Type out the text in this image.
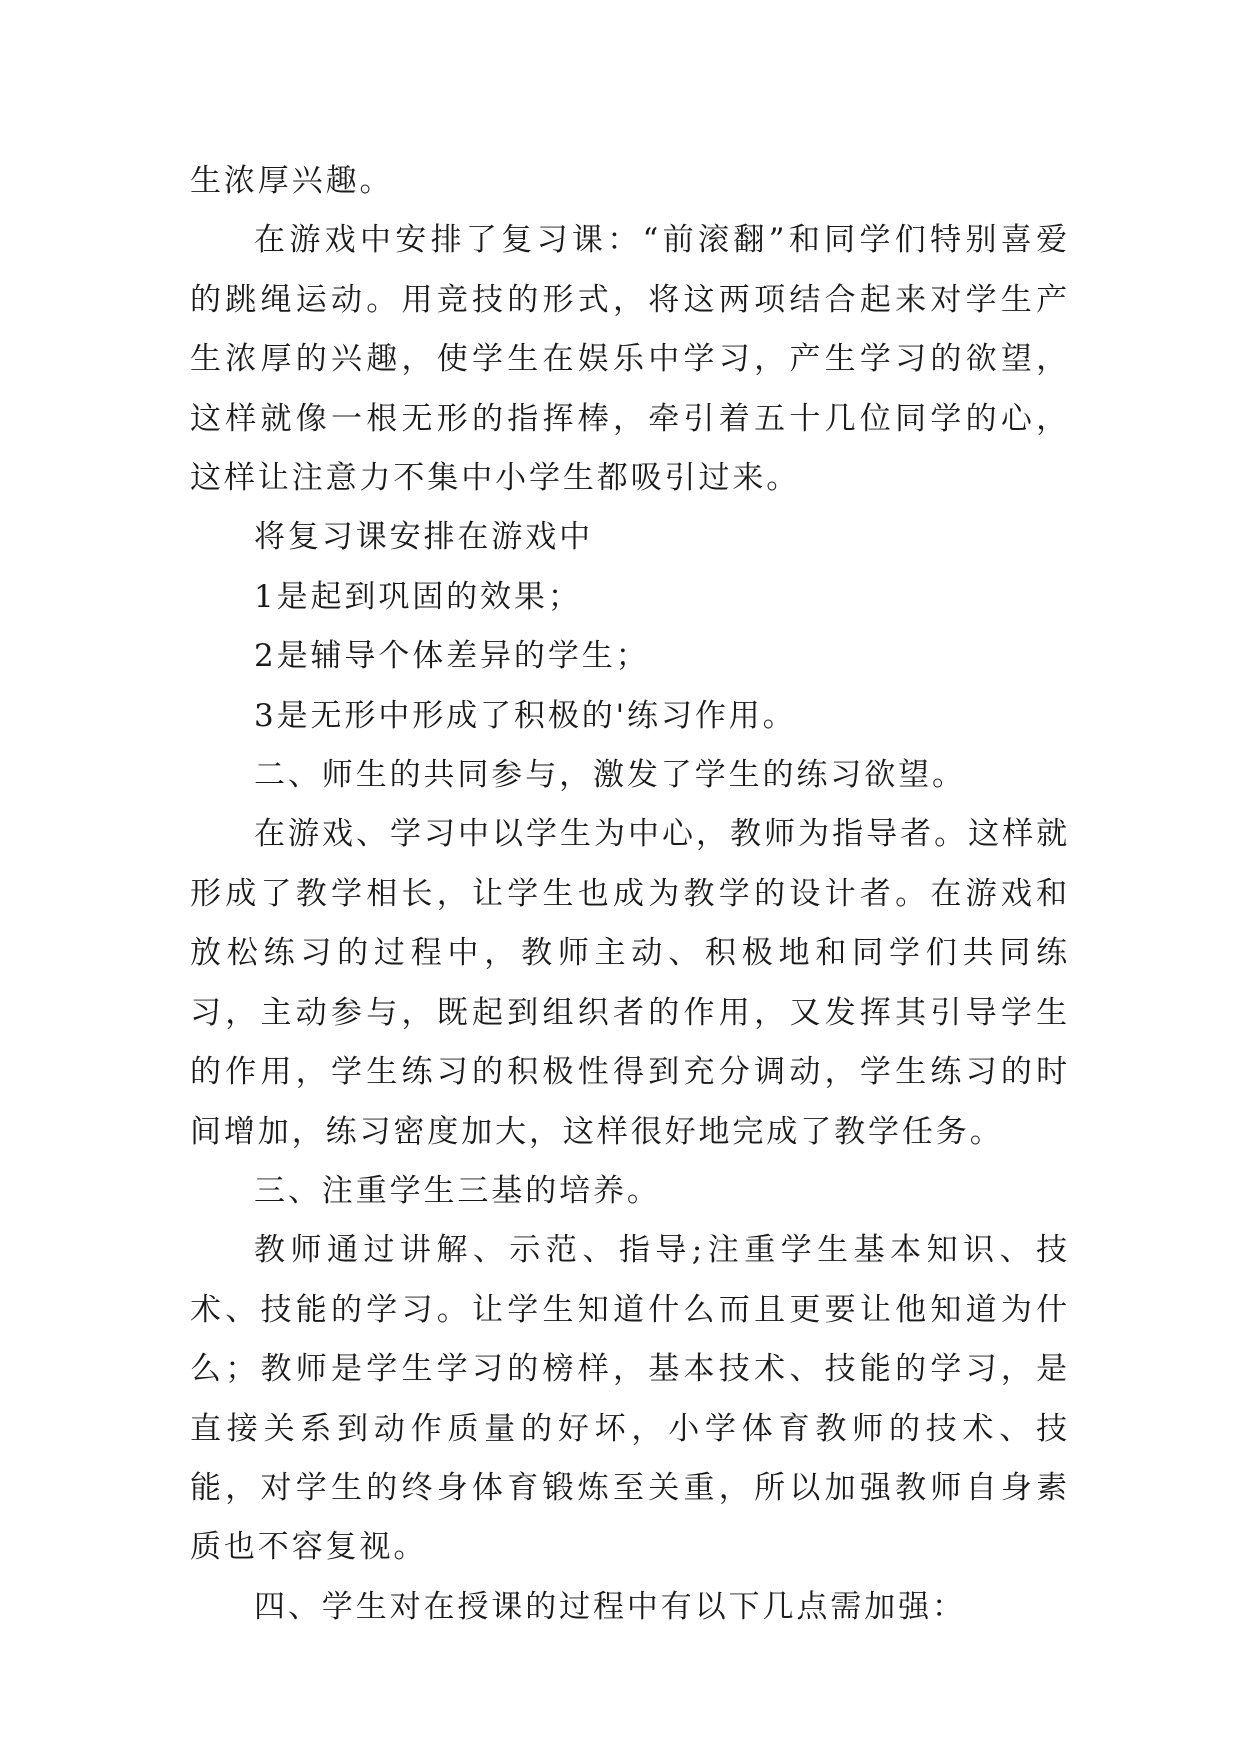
生浓厚兴趣。

在游戏中安排了复习课：“前滚翻”和同学们特别喜爱的跳绳运动。用竞技的形式，将这两项结合起来对学生产生浓厚的兴趣，使学生在娱乐中学习，产生学习的欲望，这样就像一根无形的指挥棒，牵引着五十几位同学的心，这样让注意力不集中小学生都吸引过来。

将复习课安排在游戏中

1是起到巩固的效果；

2是辅导个体差异的学生；

3是无形中形成了积极的'练习作用。

二、师生的共同参与，激发了学生的练习欲望。

在游戏、学习中以学生为中心，教师为指导者。这样就形成了教学相长，让学生也成为教学的设计者。在游戏和放松练习的过程中，教师主动、积极地和同学们共同练习，主动参与，既起到组织者的作用，又发挥其引导学生的作用，学生练习的积极性得到充分调动，学生练习的时间增加，练习密度加大，这样很好地完成了教学任务。

三、注重学生三基的培养。

教师通过讲解、示范、指导;注重学生基本知识、技术、技能的学习。让学生知道什么而且更要让他知道为什么；教师是学生学习的榜样，基本技术、技能的学习，是直接关系到动作质量的好坏，小学体育教师的技术、技能，对学生的终身体育锻炼至关重，所以加强教师自身素质也不容复视。

四、学生对在授课的过程中有以下几点需加强：
